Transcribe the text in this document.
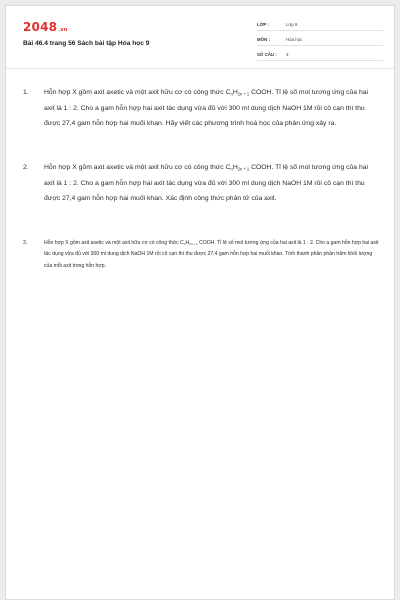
2048.vn
Bài 46.4 trang 56 Sách bài tập Hóa học 9
LỚP :	Lớp 9
MÔN :	Hóa học
SỐ CÂU :	3
1.	Hỗn hợp X gồm axit axetic và một axit hữu cơ có công thức $C_nH_{2n + 1}$ COOH. Tỉ lệ số mol tương ứng của hai axit là 1 : 2. Cho a gam hỗn hợp hai axit tác dụng vừa đủ với 300 ml dung dịch NaOH 1M rồi cô cạn thì thu được 27,4 gam hỗn hợp hai muối khan. Hãy viết các phương trình hoá học của phản ứng xảy ra.

2.	Hỗn hợp X gồm axit axetic và một axit hữu cơ có công thức $C_nH_{2n + 1}$ COOH. Tỉ lệ số mol tương ứng của hai axit là 1 : 2. Cho a gam hỗn hợp hai axit tác dụng vừa đủ với 300 ml dung dịch NaOH 1M rồi cô cạn thì thu được 27,4 gam hỗn hợp hai muối khan. Xác định công thức phân tử của axit.

3.	Hỗn hợp X gồm axit axetic và một axit hữu cơ có công thức $C_nH_{2n + 1}$ COOH. Tỉ lệ số mol tương ứng của hai axit là 1 : 2. Cho a gam hỗn hợp hai axit tác dụng vừa đủ với 300 ml dung dịch NaOH 1M rồi cô cạn thì thu được 27,4 gam hỗn hợp hai muối khan. Tính thành phần phần trăm khối lượng của mỗi axit trong hỗn hợp.
